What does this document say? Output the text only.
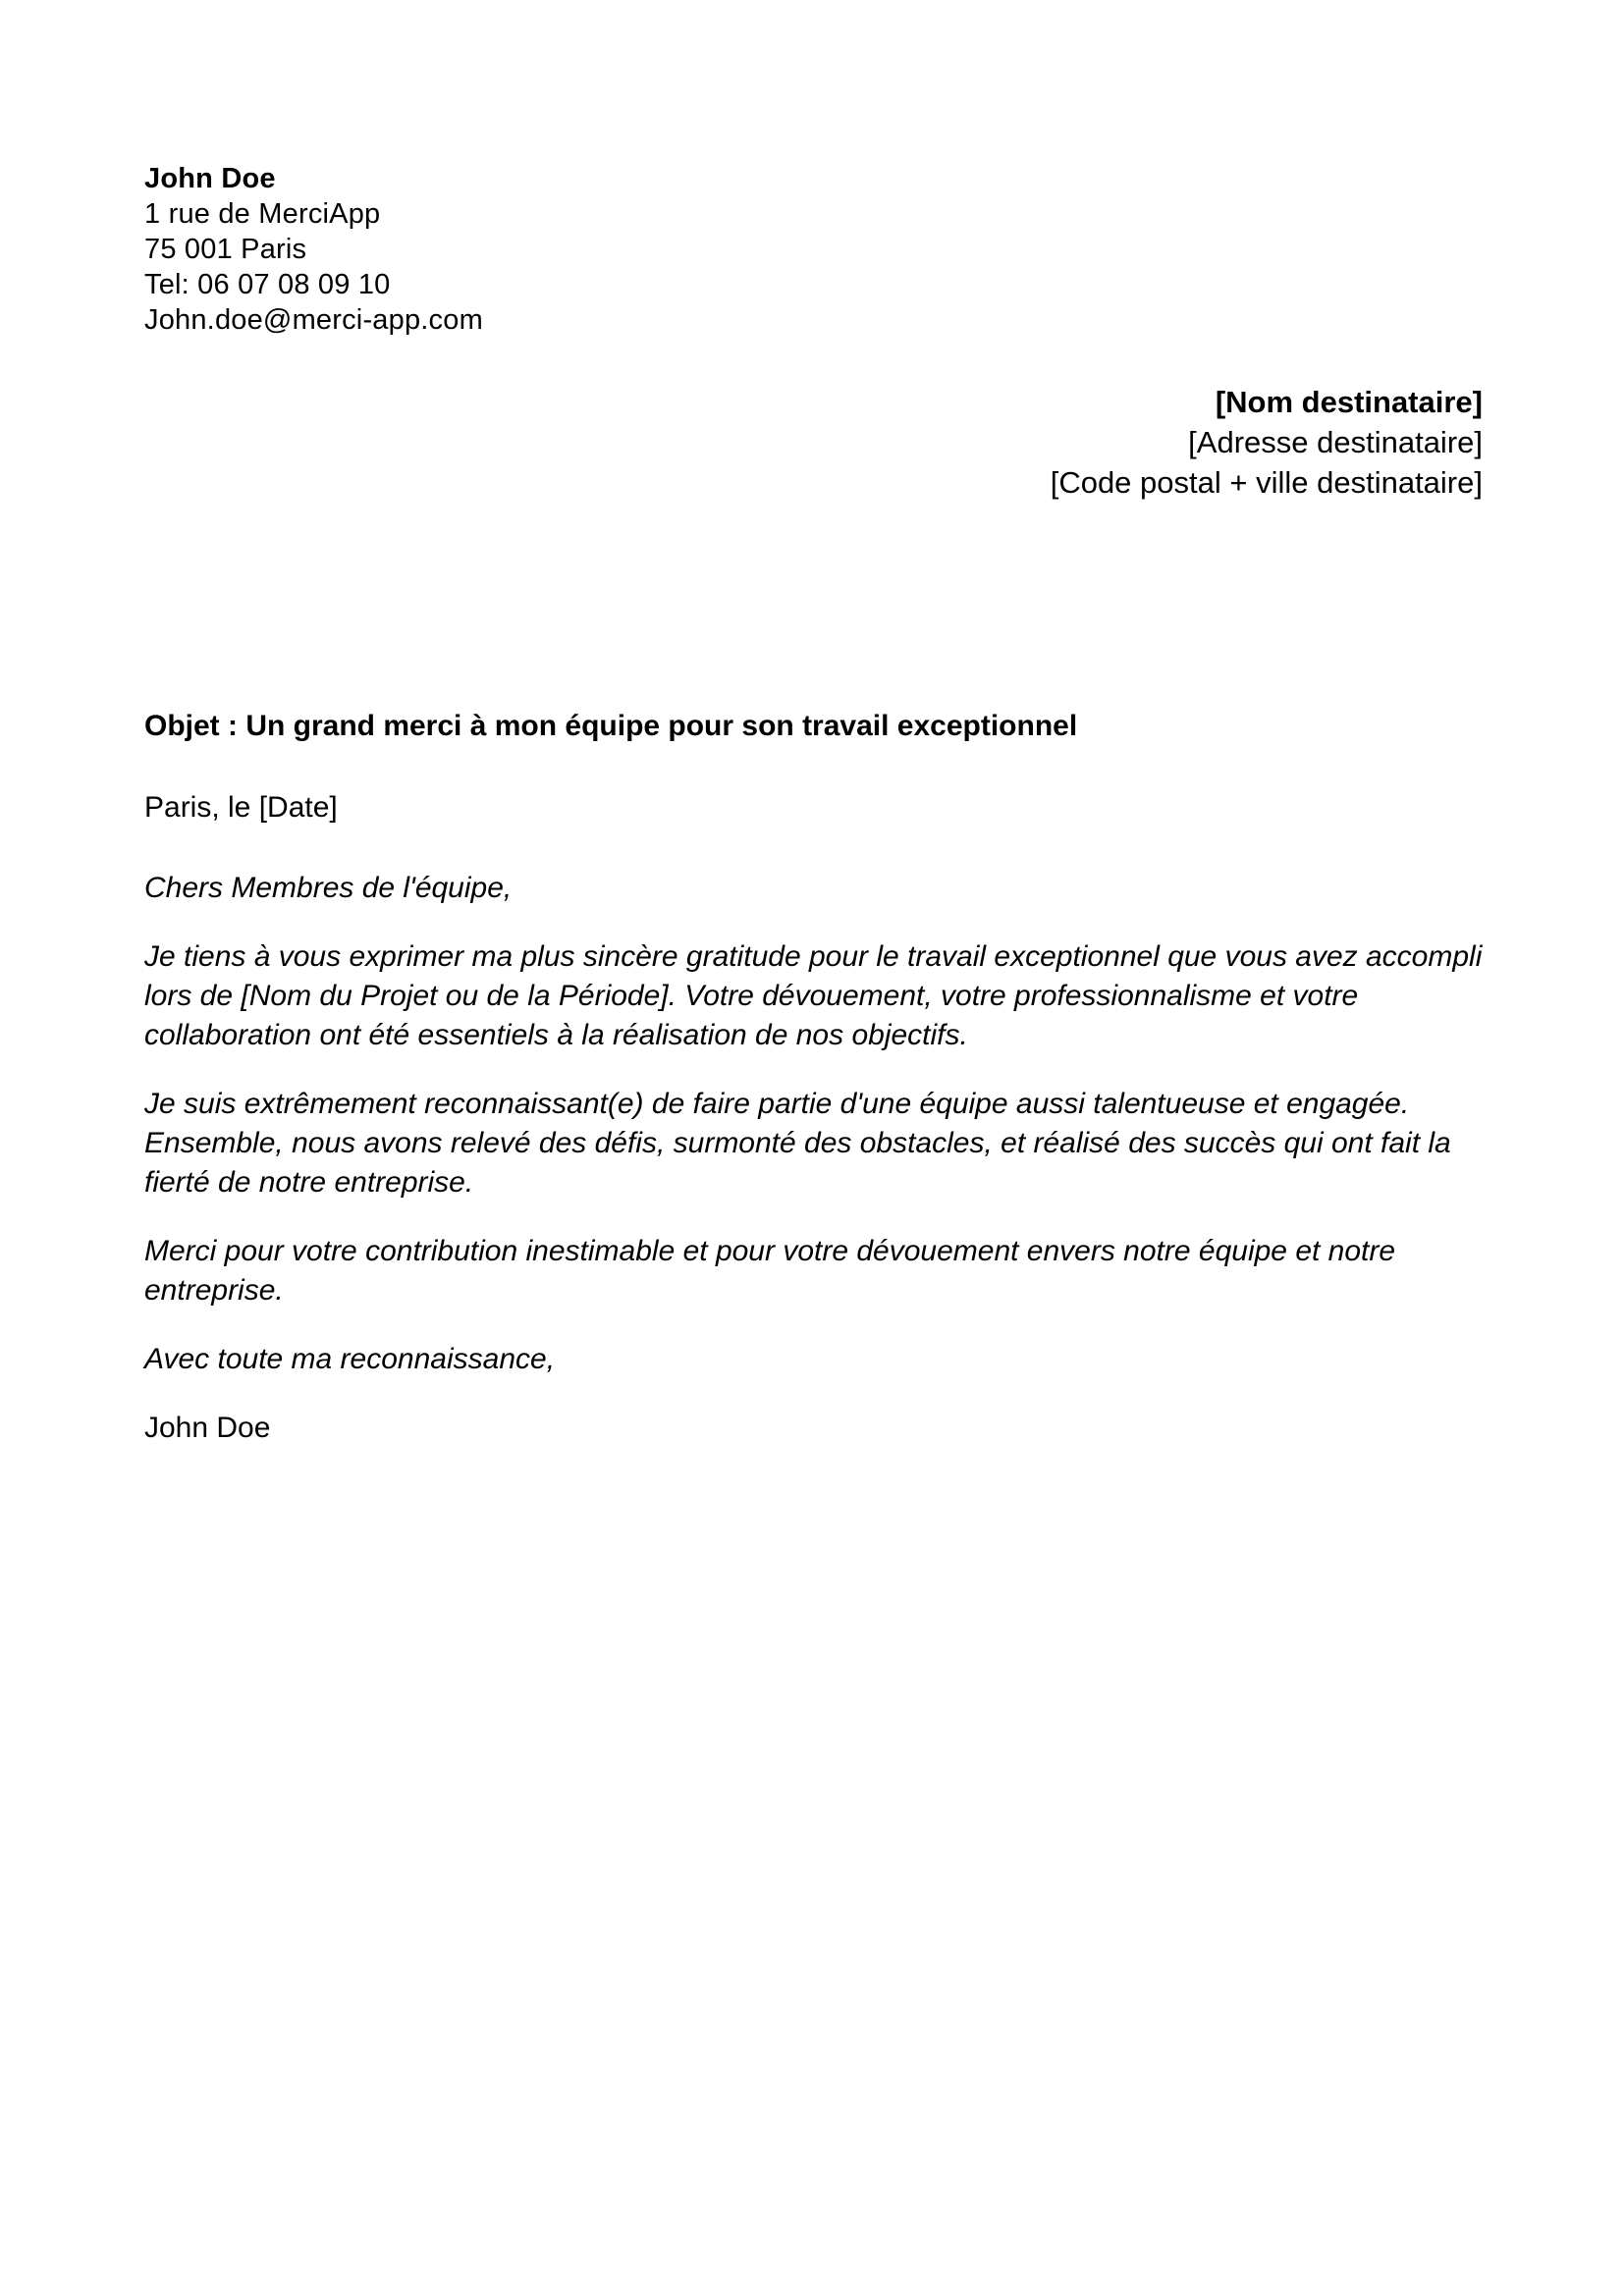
John Doe
1 rue de MerciApp
75 001 Paris
Tel: 06 07 08 09 10
John.doe@merci-app.com
[Nom destinataire]
[Adresse destinataire]
[Code postal + ville destinataire]
Objet : Un grand merci à mon équipe pour son travail exceptionnel

Paris, le [Date]

Chers Membres de l'équipe,

Je tiens à vous exprimer ma plus sincère gratitude pour le travail exceptionnel que vous avez accompli lors de [Nom du Projet ou de la Période]. Votre dévouement, votre professionnalisme et votre collaboration ont été essentiels à la réalisation de nos objectifs.

Je suis extrêmement reconnaissant(e) de faire partie d'une équipe aussi talentueuse et engagée. Ensemble, nous avons relevé des défis, surmonté des obstacles, et réalisé des succès qui ont fait la fierté de notre entreprise.

Merci pour votre contribution inestimable et pour votre dévouement envers notre équipe et notre entreprise.

Avec toute ma reconnaissance,

John Doe
